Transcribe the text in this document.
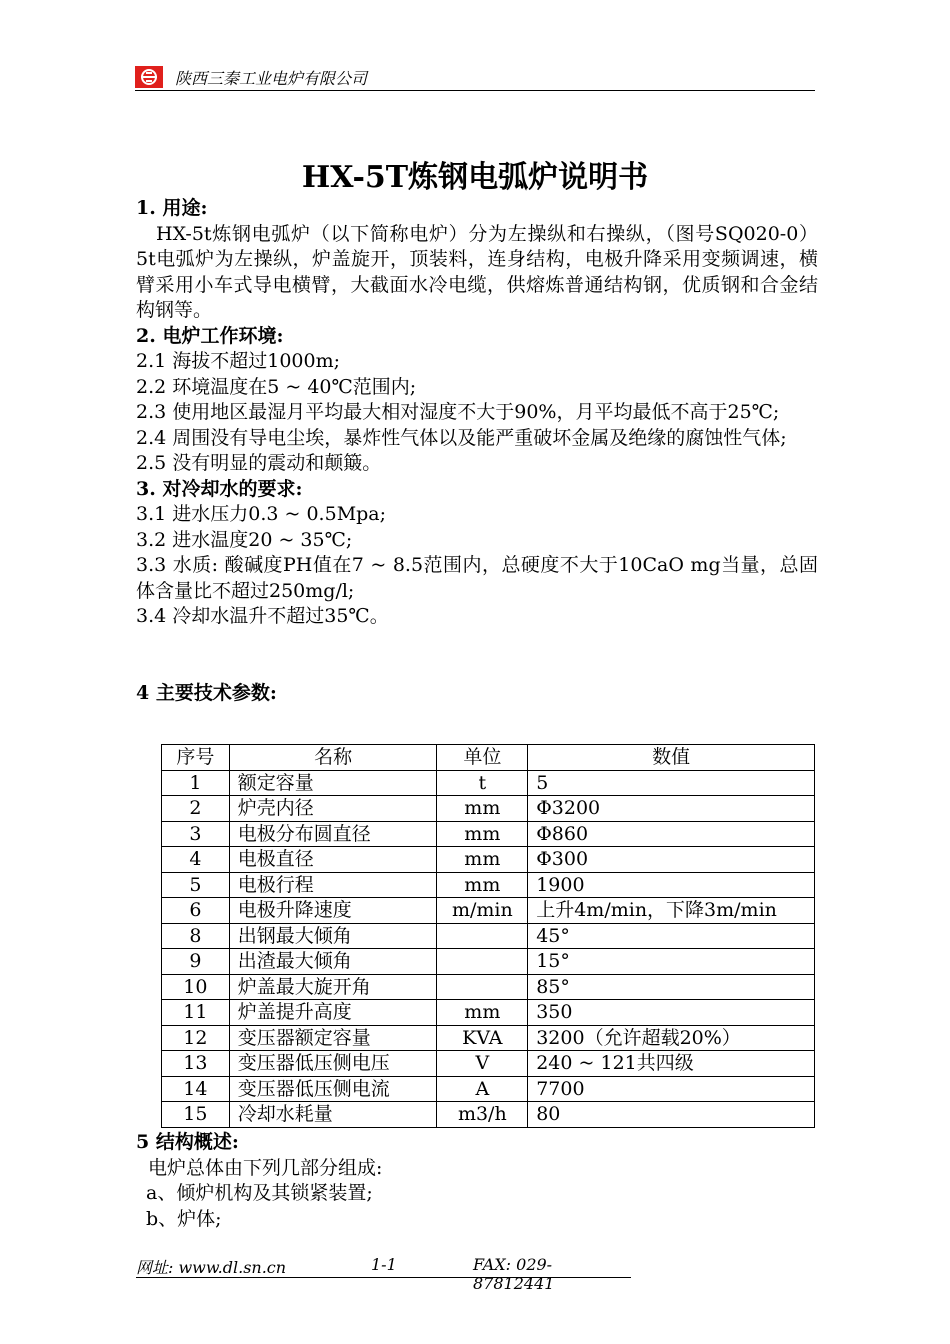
陕西三秦工业电炉有限公司
HX-5T炼钢电弧炉说明书

1. 用途:

HX-5t炼钢电弧炉（以下简称电炉）分为左操纵和右操纵，（图号SQ020-0）5t电弧炉为左操纵，炉盖旋开，顶装料，连身结构，电极升降采用变频调速，横臂采用小车式导电横臂，大截面水冷电缆，供熔炼普通结构钢，优质钢和合金结构钢等。

2. 电炉工作环境:

2.1 海拔不超过1000m;

2.2 环境温度在5 ~ 40℃范围内;

2.3 使用地区最湿月平均最大相对湿度不大于90%，月平均最低不高于25℃;

2.4 周围没有导电尘埃，暴炸性气体以及能严重破坏金属及绝缘的腐蚀性气体;

2.5 没有明显的震动和颠簸。

3. 对冷却水的要求:

3.1 进水压力0.3 ~ 0.5Mpa;

3.2 进水温度20 ~ 35℃;

3.3 水质: 酸碱度PH值在7 ~ 8.5范围内，总硬度不大于10CaO mg当量，总固体含量比不超过250mg/l;

3.4 冷却水温升不超过35℃。

4 主要技术参数:

序号	名称	单位	数值
1	额定容量	t	5
2	炉壳内径	mm	Φ3200
3	电极分布圆直径	mm	Φ860
4	电极直径	mm	Φ300
5	电极行程	mm	1900
6	电极升降速度	m/min	上升4m/min，下降3m/min
8	出钢最大倾角		45°
9	出渣最大倾角		15°
10	炉盖最大旋开角		85°
11	炉盖提升高度	mm	350
12	变压器额定容量	KVA	3200（允许超载20%）
13	变压器低压侧电压	V	240 ~ 121共四级
14	变压器低压侧电流	A	7700
15	冷却水耗量	m3/h	80

5 结构概述:

电炉总体由下列几部分组成:

a、倾炉机构及其锁紧装置;

b、炉体;

网址: www.dl.sn.cn	1-1	FAX: 029-87812441
